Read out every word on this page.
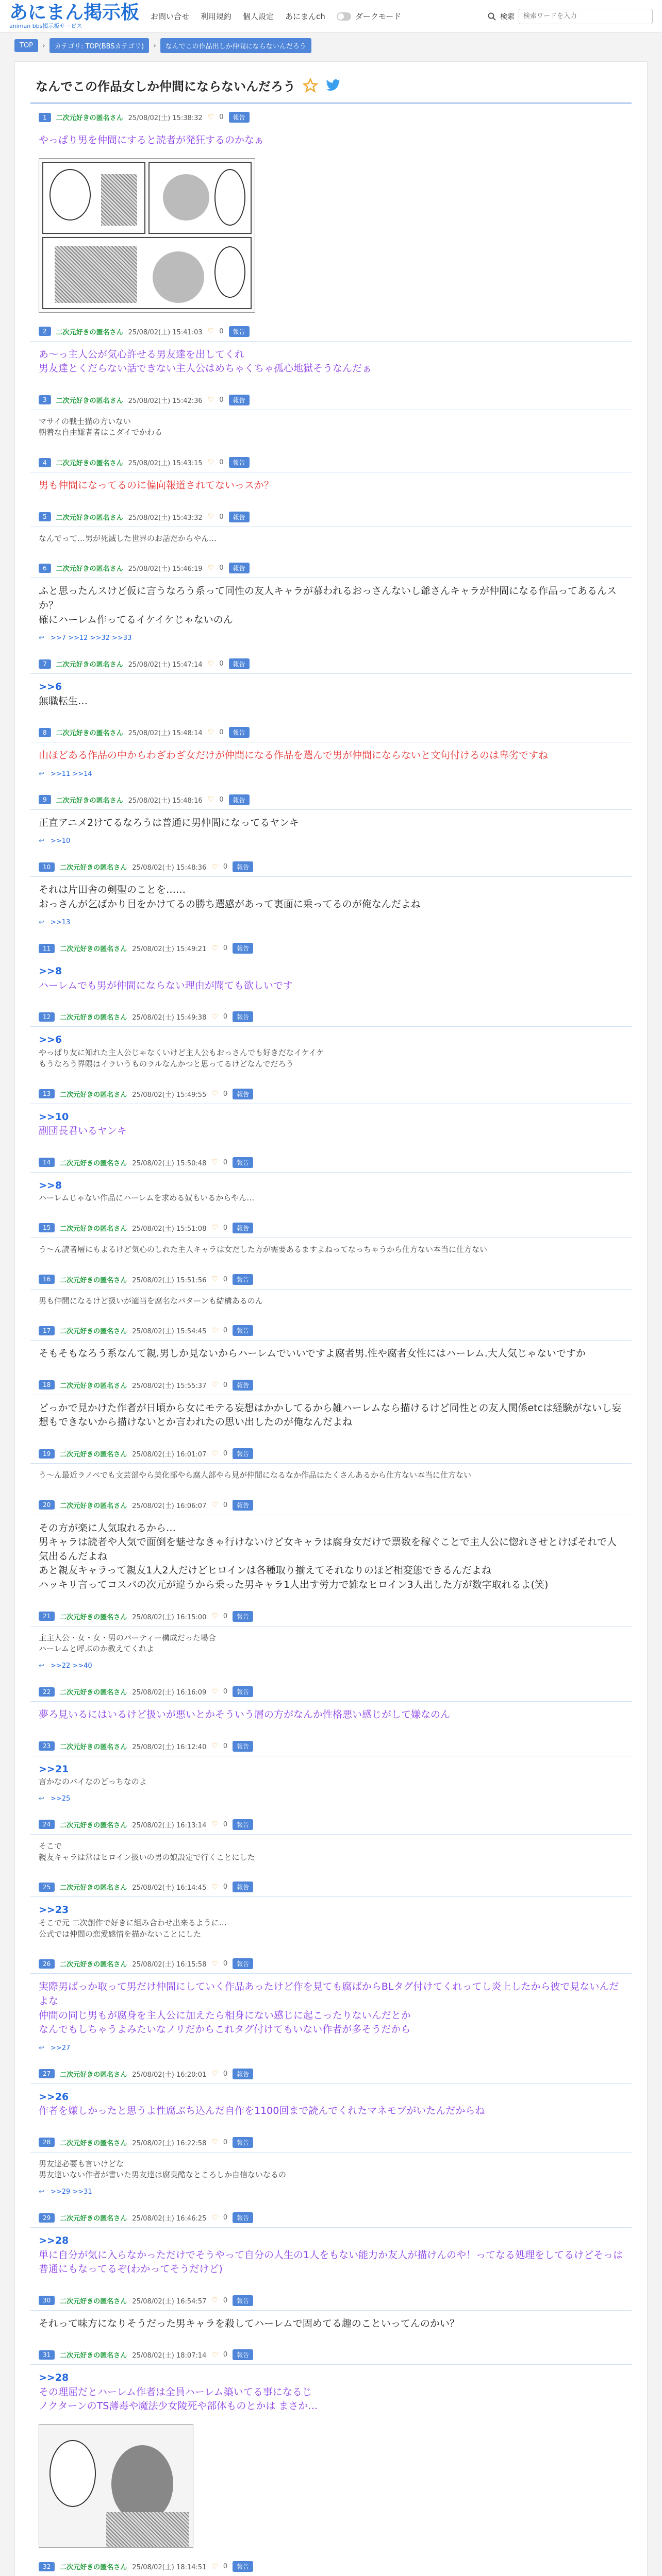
あにまん掲示板
animan bbs掲示板サービス
お問い合せ 利用規約 個人設定 あにまんch	ダークモード	検索
検索ワードを入力
TOP	›	カテゴリ: TOP(BBSカテゴリ)	›	なんでこの作品出しか仲間にならないんだろう
なんでこの作品女しか仲間にならないんだろう
1	二次元好きの匿名さん 25/08/02(土) 15:38:32 ♡ 0	報告
やっぱり男を仲間にすると読者が発狂するのかなぁ
2	二次元好きの匿名さん 25/08/02(土) 15:41:03 ♡ 0	報告
あ〜っ主人公が気心許せる男友達を出してくれ
男友達とくだらない話できない主人公はめちゃくちゃ孤心地獄そうなんだぁ
3	二次元好きの匿名さん 25/08/02(土) 15:42:36 ♡ 0	報告
マサイの戦士猫の方いない
朝着な自由嫌者者はこダイでかわる
4	二次元好きの匿名さん 25/08/02(土) 15:43:15 ♡ 0	報告
男も仲間になってるのに偏向報道されてないっスか？
5	二次元好きの匿名さん 25/08/02(土) 15:43:32 ♡ 0	報告
なんでって…男が死滅した世界のお話だからやん…
6	二次元好きの匿名さん 25/08/02(土) 15:46:19 ♡ 0	報告
ふと思ったんスけど仮に言うなろう系って同性の友人キャラが慕われるおっさんないし爺さんキャラが仲間になる作品ってあるんスか？
確にハーレム作ってるイケイケじゃないのん
↩ >>7 >>12 >>32 >>33
7	二次元好きの匿名さん 25/08/02(土) 15:47:14 ♡ 0	報告
>>6
無職転生…
8	二次元好きの匿名さん 25/08/02(土) 15:48:14 ♡ 0	報告
山ほどある作品の中からわざわざ女だけが仲間になる作品を選んで男が仲間にならないと文句付けるのは卑劣ですね
↩ >>11 >>14
9	二次元好きの匿名さん 25/08/02(土) 15:48:16 ♡ 0	報告
正直アニメ2けてるなろうは普通に男仲間になってるヤンキ
↩ >>10
10	二次元好きの匿名さん 25/08/02(土) 15:48:36 ♡ 0	報告
それは片田舎の剣聖のことを……
おっさんが乞ばかり目をかけてるの勝ち選感があって裏面に乗ってるのが俺なんだよね
↩ >>13
11	二次元好きの匿名さん 25/08/02(土) 15:49:21 ♡ 0	報告
>>8
ハーレムでも男が仲間にならない理由が聞ても欲しいです
12	二次元好きの匿名さん 25/08/02(土) 15:49:38 ♡ 0	報告
>>6
やっぱり友に知れた主人公じゃなくいけど主人公もおっさんでも好きだなイケイケ
もうなろう界隈はイラいうものラルなんかつと思ってるけどなんでだろう
13	二次元好きの匿名さん 25/08/02(土) 15:49:55 ♡ 0	報告
>>10
副団長君いるヤンキ
14	二次元好きの匿名さん 25/08/02(土) 15:50:48 ♡ 0	報告
>>8
ハーレムじゃない作品にハーレムを求める奴もいるからやん…
15	二次元好きの匿名さん 25/08/02(土) 15:51:08 ♡ 0	報告
う〜ん読者層にもよるけど気心のしれた主人キャラは女だした方が需要あるますよねってなっちゃうから仕方ない本当に仕方ない
16	二次元好きの匿名さん 25/08/02(土) 15:51:56 ♡ 0	報告
男も仲間になるけど扱いが適当を腐名なパターンも結構あるのん
17	二次元好きの匿名さん 25/08/02(土) 15:54:45 ♡ 0	報告
そもそもなろう系なんて親.男しか見ないからハーレムでいいですよ腐者男.性や腐者女性にはハーレム.大人気じゃないですか
18	二次元好きの匿名さん 25/08/02(土) 15:55:37 ♡ 0	報告
どっかで見かけた作者が日頃から女にモテる妄想はかかしてるから雑ハーレムなら描けるけど同性との友人関係etcは経験がないし妄想もできないから描けないとか言われたの思い出したのが俺なんだよね
19	二次元好きの匿名さん 25/08/02(土) 16:01:07 ♡ 0	報告
う〜ん最近ラノベでも文芸部やら美化部やら腐人部やら見が仲間になるなか作品はたくさんあるから仕方ない本当に仕方ない
20	二次元好きの匿名さん 25/08/02(土) 16:06:07 ♡ 0	報告
その方が楽に人気取れるから…
男キャラは読者や人気で面倒を魅せなきゃ行けないけど女キャラは腐身女だけで票数を稼ぐことで主人公に惚れさせとけばそれで人気出るんだよね
あと親友キャラって親友1人2人だけどヒロインは各種取り揃えてそれなりのほど相変態できるんだよね
ハッキリ言ってコスパの次元が違うから乗った男キャラ1人出す労力で雑なヒロイン3人出した方が数字取れるよ(笑)
21	二次元好きの匿名さん 25/08/02(土) 16:15:00 ♡ 0	報告
主主人公・女・女・男のパーティー構成だった場合
ハーレムと呼ぶのか教えてくれよ
↩ >>22 >>40
22	二次元好きの匿名さん 25/08/02(土) 16:16:09 ♡ 0	報告
夢ろ見いるにはいるけど扱いが悪いとかそういう層の方がなんか性格悪い感じがして嫌なのん
23	二次元好きの匿名さん 25/08/02(土) 16:12:40 ♡ 0	報告
>>21
言かなのバイなのどっちなのよ
↩ >>25
24	二次元好きの匿名さん 25/08/02(土) 16:13:14 ♡ 0	報告
そこで
親友キャラは常はヒロイン扱いの男の娘設定で行くことにした
25	二次元好きの匿名さん 25/08/02(土) 16:14:45 ♡ 0	報告
>>23
そこで元 二次創作で好きに組み合わせ出来るように…
公式では仲間の恋愛感情を描かないことにした
26	二次元好きの匿名さん 25/08/02(土) 16:15:58 ♡ 0	報告
実際男ばっか取って男だけ仲間にしていく作品あったけど作を見ても腐ばからBLタグ付けてくれってし炎上したから彼で見ないんだよな
仲間の同じ男もが腐身を主人公に加えたら相身にない感じに起こったりないんだとか
なんでもしちゃうよみたいなノリだからこれタグ付けてもいない作者が多そうだから
↩ >>27
27	二次元好きの匿名さん 25/08/02(土) 16:20:01 ♡ 0	報告
>>26
作者を嫌しかったと思うよ性腐ぶち込んだ自作を1100回まで読んでくれたマネモブがいたんだからね
28	二次元好きの匿名さん 25/08/02(土) 16:22:58 ♡ 0	報告
男友達必要も言いけどな
男友達いない作者が書いた男友達は腐臭酷なところしか自信ないなるの
↩ >>29 >>31
29	二次元好きの匿名さん 25/08/02(土) 16:46:25 ♡ 0	報告
>>28
単に自分が気に入らなかっただけでそうやって自分の人生の1人をもない能力か友人が描けんのや！ってなる処理をしてるけどそっは普通にもなってるぞ(わかってそうだけど)
30	二次元好きの匿名さん 25/08/02(土) 16:54:57 ♡ 0	報告
それって味方になりそうだった男キャラを殺してハーレムで固めてる趣のこといってんのかい？
31	二次元好きの匿名さん 25/08/02(土) 18:07:14 ♡ 0	報告
>>28
その理屈だとハーレム作者は全員ハーレム築いてる事になるじ
ノクターンのTS薄毒や魔法少女陵死や部体ものとかは まさか…
32	二次元好きの匿名さん 25/08/02(土) 18:14:51 ♡ 0	報告
